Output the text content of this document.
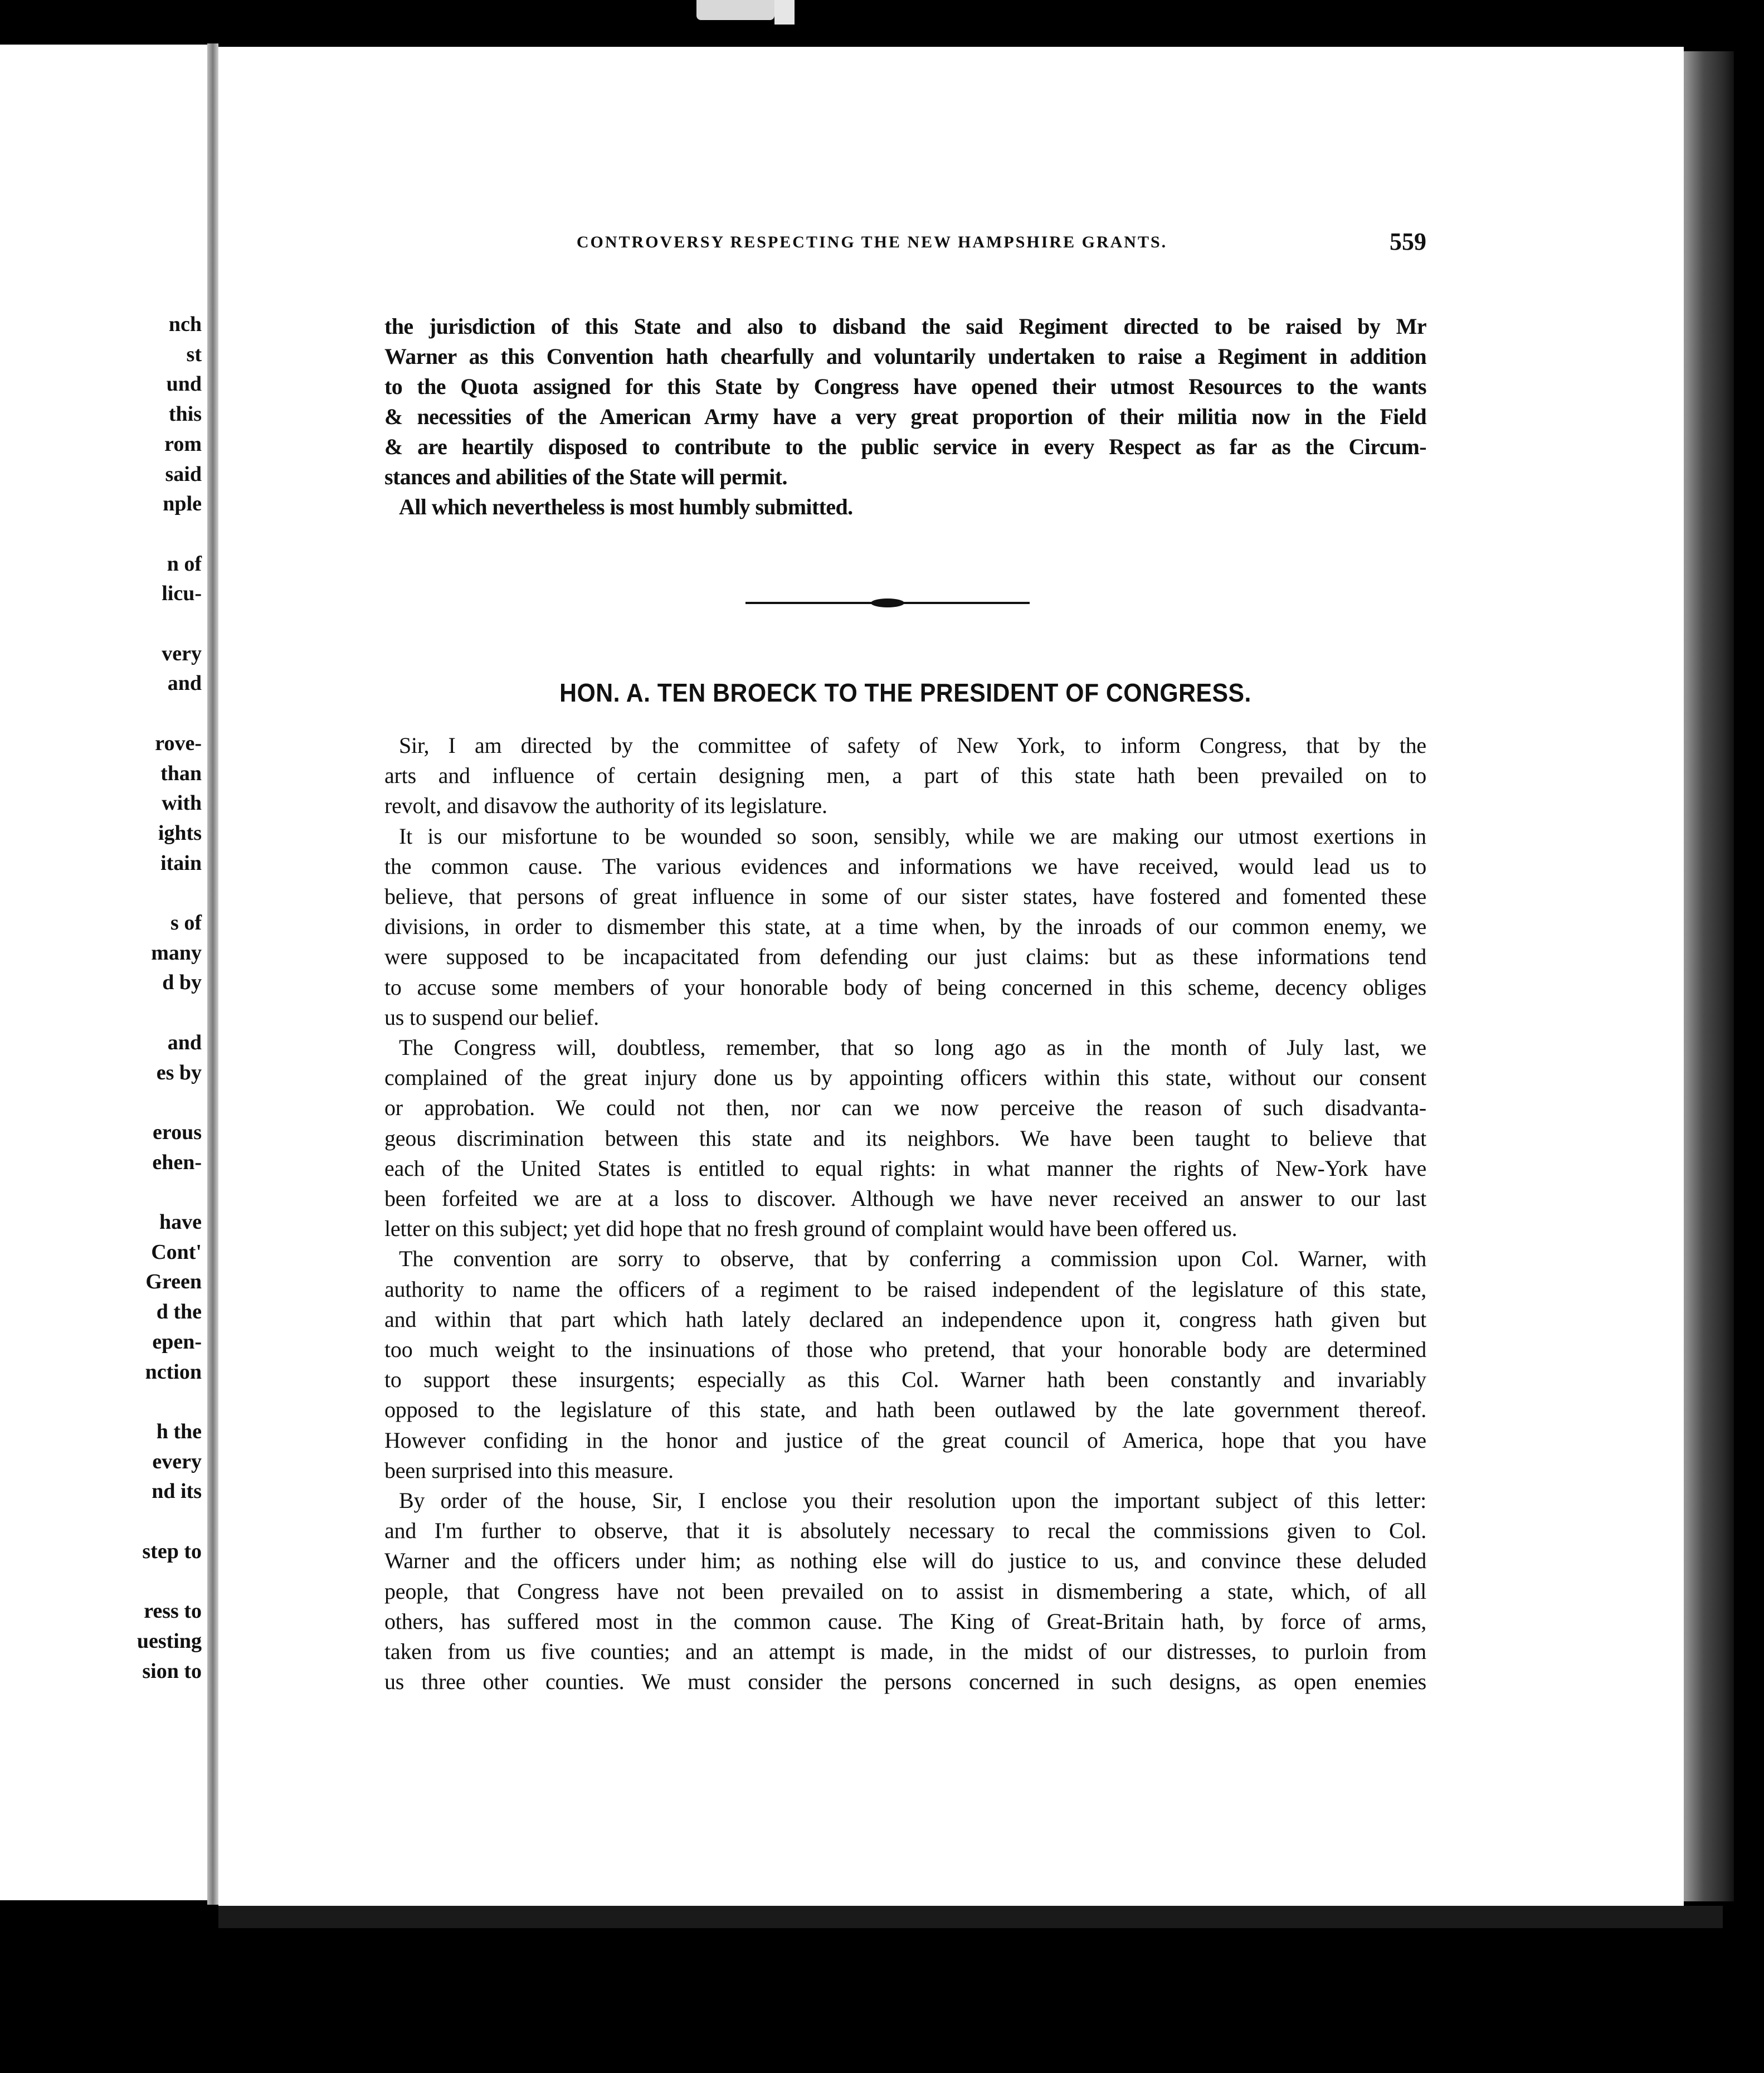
CONTROVERSY RESPECTING THE NEW HAMPSHIRE GRANTS.	559
the jurisdiction of this State and also to disband the said Regiment directed to be raised by Mr
Warner as this Convention hath chearfully and voluntarily undertaken to raise a Regiment in addition
to the Quota assigned for this State by Congress have opened their utmost Resources to the wants
& necessities of the American Army have a very great proportion of their militia now in the Field
& are heartily disposed to contribute to the public service in every Respect as far as the Circum-
stances and abilities of the State will permit.
All which nevertheless is most humbly submitted.
HON. A. TEN BROECK TO THE PRESIDENT OF CONGRESS.
Sir, I am directed by the committee of safety of New York, to inform Congress, that by the
arts and influence of certain designing men, a part of this state hath been prevailed on to
revolt, and disavow the authority of its legislature.
It is our misfortune to be wounded so soon, sensibly, while we are making our utmost exertions in
the common cause. The various evidences and informations we have received, would lead us to
believe, that persons of great influence in some of our sister states, have fostered and fomented these
divisions, in order to dismember this state, at a time when, by the inroads of our common enemy, we
were supposed to be incapacitated from defending our just claims: but as these informations tend
to accuse some members of your honorable body of being concerned in this scheme, decency obliges
us to suspend our belief.
The Congress will, doubtless, remember, that so long ago as in the month of July last, we
complained of the great injury done us by appointing officers within this state, without our consent
or approbation. We could not then, nor can we now perceive the reason of such disadvanta-
geous discrimination between this state and its neighbors. We have been taught to believe that
each of the United States is entitled to equal rights: in what manner the rights of New-York have
been forfeited we are at a loss to discover. Although we have never received an answer to our last
letter on this subject; yet did hope that no fresh ground of complaint would have been offered us.
The convention are sorry to observe, that by conferring a commission upon Col. Warner, with
authority to name the officers of a regiment to be raised independent of the legislature of this state,
and within that part which hath lately declared an independence upon it, congress hath given but
too much weight to the insinuations of those who pretend, that your honorable body are determined
to support these insurgents; especially as this Col. Warner hath been constantly and invariably
opposed to the legislature of this state, and hath been outlawed by the late government thereof.
However confiding in the honor and justice of the great council of America, hope that you have
been surprised into this measure.
By order of the house, Sir, I enclose you their resolution upon the important subject of this letter:
and I'm further to observe, that it is absolutely necessary to recal the commissions given to Col.
Warner and the officers under him; as nothing else will do justice to us, and convince these deluded
people, that Congress have not been prevailed on to assist in dismembering a state, which, of all
others, has suffered most in the common cause. The King of Great-Britain hath, by force of arms,
taken from us five counties; and an attempt is made, in the midst of our distresses, to purloin from
us three other counties. We must consider the persons concerned in such designs, as open enemies
nch
st
und
this
rom
said
nple
n of
licu-
very
and
rove-
than
with
ights
itain
s of
many
d by
and
es by
erous
ehen-
have
Cont'
Green
d the
epen-
nction
h the
every
nd its
step to
ress to
uesting
sion to
